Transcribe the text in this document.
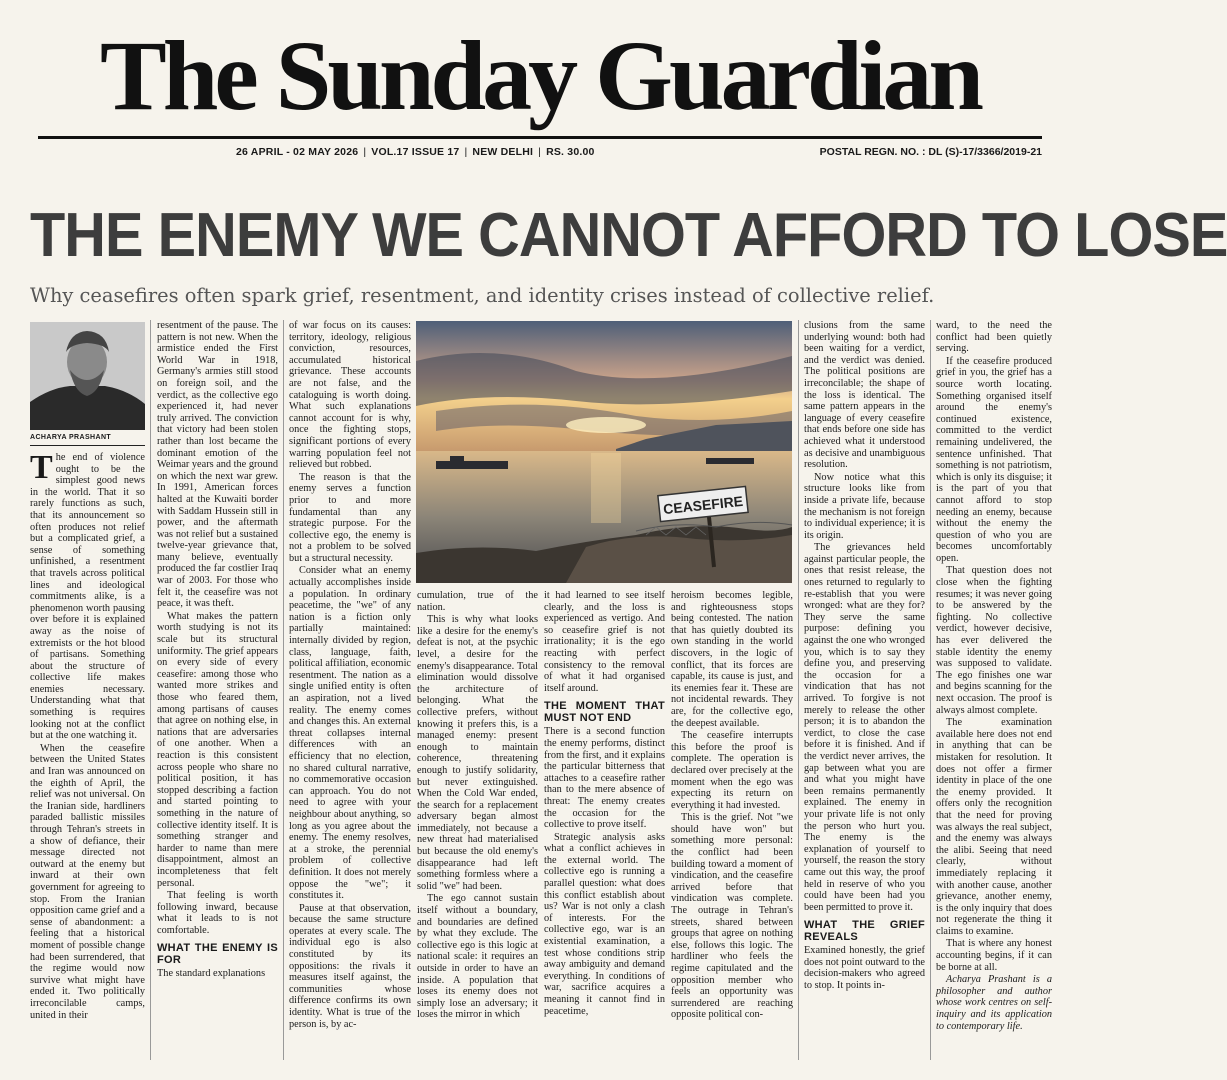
The Sunday Guardian
26 APRIL - 02 MAY 2026 | VOL.17 ISSUE 17 | NEW DELHI | RS. 30.00	POSTAL REGN. NO. : DL (S)-17/3366/2019-21
THE ENEMY WE CANNOT AFFORD TO LOSE
Why ceasefires often spark grief, resentment, and identity crises instead of collective relief.
ACHARYA PRASHANT
CEASEFIRE

The end of violence ought to be the simplest good news in the world. That it so rarely functions as such, that its announcement so often produces not relief but a complicated grief, a sense of something unfinished, a resentment that travels across political lines and ideological commitments alike, is a phenomenon worth pausing over before it is explained away as the noise of extremists or the hot blood of partisans. Something about the structure of collective life makes enemies necessary. Understanding what that something is requires looking not at the conflict but at the one watching it.

When the ceasefire between the United States and Iran was announced on the eighth of April, the relief was not universal. On the Iranian side, hardliners paraded ballistic missiles through Tehran's streets in a show of defiance, their message directed not outward at the enemy but inward at their own government for agreeing to stop. From the Iranian opposition came grief and a sense of abandonment: a feeling that a historical moment of possible change had been surrendered, that the regime would now survive what might have ended it. Two politically irreconcilable camps, united in their

resentment of the pause. The pattern is not new. When the armistice ended the First World War in 1918, Germany's armies still stood on foreign soil, and the verdict, as the collective ego experienced it, had never truly arrived. The conviction that victory had been stolen rather than lost became the dominant emotion of the Weimar years and the ground on which the next war grew. In 1991, American forces halted at the Kuwaiti border with Saddam Hussein still in power, and the aftermath was not relief but a sustained twelve-year grievance that, many believe, eventually produced the far costlier Iraq war of 2003. For those who felt it, the ceasefire was not peace, it was theft.

What makes the pattern worth studying is not its scale but its structural uniformity. The grief appears on every side of every ceasefire: among those who wanted more strikes and those who feared them, among partisans of causes that agree on nothing else, in nations that are adversaries of one another. When a reaction is this consistent across people who share no political position, it has stopped describing a faction and started pointing to something in the nature of collective identity itself. It is something stranger and harder to name than mere disappointment, almost an incompleteness that felt personal.

That feeling is worth following inward, because what it leads to is not comfortable.

WHAT THE ENEMY IS FOR

The standard explanations

of war focus on its causes: territory, ideology, religious conviction, resources, accumulated historical grievance. These accounts are not false, and the cataloguing is worth doing. What such explanations cannot account for is why, once the fighting stops, significant portions of every warring population feel not relieved but robbed.

The reason is that the enemy serves a function prior to and more fundamental than any strategic purpose. For the collective ego, the enemy is not a problem to be solved but a structural necessity.

Consider what an enemy actually accomplishes inside a population. In ordinary peacetime, the "we" of any nation is a fiction only partially maintained: internally divided by region, class, language, faith, political affiliation, economic resentment. The nation as a single unified entity is often an aspiration, not a lived reality. The enemy comes and changes this. An external threat collapses internal differences with an efficiency that no election, no shared cultural narrative, no commemorative occasion can approach. You do not need to agree with your neighbour about anything, so long as you agree about the enemy. The enemy resolves, at a stroke, the perennial problem of collective definition. It does not merely oppose the "we"; it constitutes it.

Pause at that observation, because the same structure operates at every scale. The individual ego is also constituted by its oppositions: the rivals it measures itself against, the communities whose difference confirms its own identity. What is true of the person is, by ac-

cumulation, true of the nation.

This is why what looks like a desire for the enemy's defeat is not, at the psychic level, a desire for the enemy's disappearance. Total elimination would dissolve the architecture of belonging. What the collective prefers, without knowing it prefers this, is a managed enemy: present enough to maintain coherence, threatening enough to justify solidarity, but never extinguished. When the Cold War ended, the search for a replacement adversary began almost immediately, not because a new threat had materialised but because the old enemy's disappearance had left something formless where a solid "we" had been.

The ego cannot sustain itself without a boundary, and boundaries are defined by what they exclude. The collective ego is this logic at national scale: it requires an outside in order to have an inside. A population that loses its enemy does not simply lose an adversary; it loses the mirror in which

it had learned to see itself clearly, and the loss is experienced as vertigo. And so ceasefire grief is not irrationality; it is the ego reacting with perfect consistency to the removal of what it had organised itself around.

THE MOMENT THAT MUST NOT END

There is a second function the enemy performs, distinct from the first, and it explains the particular bitterness that attaches to a ceasefire rather than to the mere absence of threat: The enemy creates the occasion for the collective to prove itself.

Strategic analysis asks what a conflict achieves in the external world. The collective ego is running a parallel question: what does this conflict establish about us? War is not only a clash of interests. For the collective ego, war is an existential examination, a test whose conditions strip away ambiguity and demand everything. In conditions of war, sacrifice acquires a meaning it cannot find in peacetime,

heroism becomes legible, and righteousness stops being contested. The nation that has quietly doubted its own standing in the world discovers, in the logic of conflict, that its forces are capable, its cause is just, and its enemies fear it. These are not incidental rewards. They are, for the collective ego, the deepest available.

The ceasefire interrupts this before the proof is complete. The operation is declared over precisely at the moment when the ego was expecting its return on everything it had invested.

This is the grief. Not "we should have won" but something more personal: the conflict had been building toward a moment of vindication, and the ceasefire arrived before that vindication was complete. The outrage in Tehran's streets, shared between groups that agree on nothing else, follows this logic. The hardliner who feels the regime capitulated and the opposition member who feels an opportunity was surrendered are reaching opposite political con-

clusions from the same underlying wound: both had been waiting for a verdict, and the verdict was denied. The political positions are irreconcilable; the shape of the loss is identical. The same pattern appears in the language of every ceasefire that ends before one side has achieved what it understood as decisive and unambiguous resolution.

Now notice what this structure looks like from inside a private life, because the mechanism is not foreign to individual experience; it is its origin.

The grievances held against particular people, the ones that resist release, the ones returned to regularly to re-establish that you were wronged: what are they for? They serve the same purpose: defining you against the one who wronged you, which is to say they define you, and preserving the occasion for a vindication that has not arrived. To forgive is not merely to release the other person; it is to abandon the verdict, to close the case before it is finished. And if the verdict never arrives, the gap between what you are and what you might have been remains permanently explained. The enemy in your private life is not only the person who hurt you. The enemy is the explanation of yourself to yourself, the reason the story came out this way, the proof held in reserve of who you could have been had you been permitted to prove it.

WHAT THE GRIEF REVEALS

Examined honestly, the grief does not point outward to the decision-makers who agreed to stop. It points in-

ward, to the need the conflict had been quietly serving.

If the ceasefire produced grief in you, the grief has a source worth locating. Something organised itself around the enemy's continued existence, committed to the verdict remaining undelivered, the sentence unfinished. That something is not patriotism, which is only its disguise; it is the part of you that cannot afford to stop needing an enemy, because without the enemy the question of who you are becomes uncomfortably open.

That question does not close when the fighting resumes; it was never going to be answered by the fighting. No collective verdict, however decisive, has ever delivered the stable identity the enemy was supposed to validate. The ego finishes one war and begins scanning for the next occasion. The proof is always almost complete.

The examination available here does not end in anything that can be mistaken for resolution. It does not offer a firmer identity in place of the one the enemy provided. It offers only the recognition that the need for proving was always the real subject, and the enemy was always the alibi. Seeing that need clearly, without immediately replacing it with another cause, another grievance, another enemy, is the only inquiry that does not regenerate the thing it claims to examine.

That is where any honest accounting begins, if it can be borne at all.

Acharya Prashant is a philosopher and author whose work centres on self-inquiry and its application to contemporary life.
